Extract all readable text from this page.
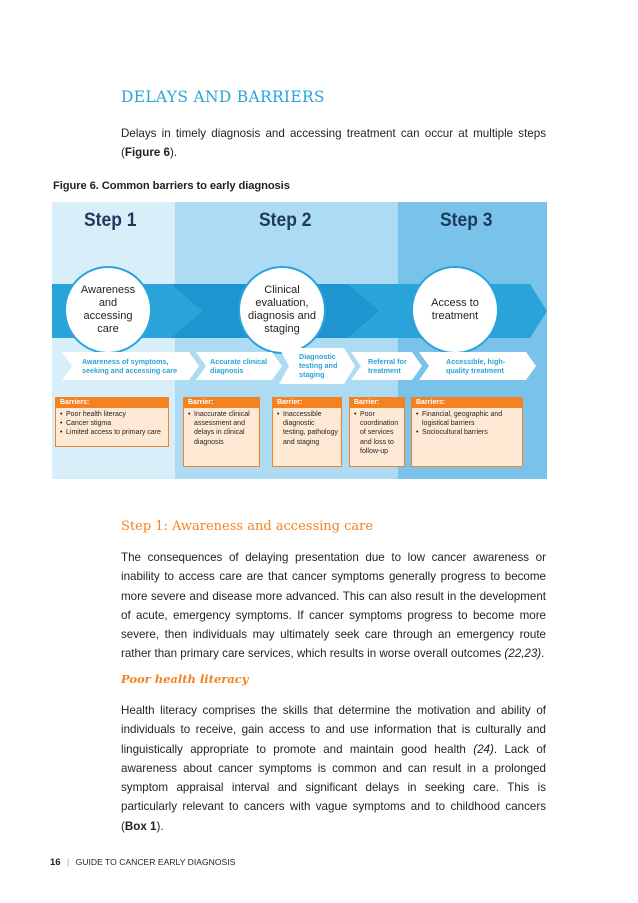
DELAYS AND BARRIERS
Delays in timely diagnosis and accessing treatment can occur at multiple steps (Figure 6).
Figure 6. Common barriers to early diagnosis
Step 1	Step 2	Step 3
Awareness and accessing care
Clinical evaluation, diagnosis and staging
Access to treatment
Awareness of symptoms, seeking and accessing care
Accurate clinical diagnosis
Diagnostic testing and staging
Referral for treatment
Accessible, high-quality treatment
Barriers:
• Poor health literacy
• Cancer stigma
• Limited access to primary care
Barrier:
• Inaccurate clinical assessment and delays in clinical diagnosis
Barrier:
• Inaccessible diagnostic testing, pathology and staging
Barrier:
• Poor coordination of services and loss to follow-up
Barriers:
• Financial, geographic and logistical barriers
• Sociocultural barriers
Step 1: Awareness and accessing care
The consequences of delaying presentation due to low cancer awareness or inability to access care are that cancer symptoms generally progress to become more severe and disease more advanced. This can also result in the development of acute, emergency symptoms. If cancer symptoms progress to become more severe, then individuals may ultimately seek care through an emergency route rather than primary care services, which results in worse overall outcomes (22,23).
Poor health literacy
Health literacy comprises the skills that determine the motivation and ability of individuals to receive, gain access to and use information that is culturally and linguistically appropriate to promote and maintain good health (24). Lack of awareness about cancer symptoms is common and can result in a prolonged symptom appraisal interval and significant delays in seeking care. This is particularly relevant to cancers with vague symptoms and to childhood cancers (Box 1).
16 | GUIDE TO CANCER EARLY DIAGNOSIS
